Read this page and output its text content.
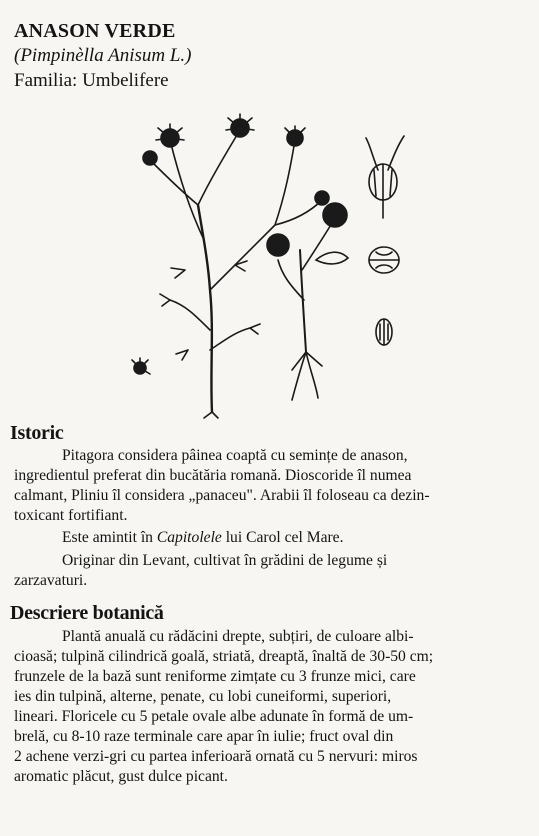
ANASON VERDE
(Pimpinèlla Anisum L.)
Familia: Umbelifere
Istoric
Pitagora considera pâinea coaptă cu semințe de anason,
ingredientul preferat din bucătăria romană. Dioscoride îl numea
calmant, Pliniu îl considera „panaceu". Arabii îl foloseau ca dezin-
toxicant fortifiant.
Este amintit în Capitolele lui Carol cel Mare.
Originar din Levant, cultivat în grădini de legume și
zarzavaturi.
Descriere botanică
Plantă anuală cu rădăcini drepte, subțiri, de culoare albi-
cioasă; tulpină cilindrică goală, striată, dreaptă, înaltă de 30-50 cm;
frunzele de la bază sunt reniforme zimțate cu 3 frunze mici, care
ies din tulpină, alterne, penate, cu lobi cuneiformi, superiori,
lineari. Floricele cu 5 petale ovale albe adunate în formă de um-
brelă, cu 8-10 raze terminale care apar în iulie; fruct oval din
2 achene verzi-gri cu partea inferioară ornată cu 5 nervuri: miros
aromatic plăcut, gust dulce picant.
